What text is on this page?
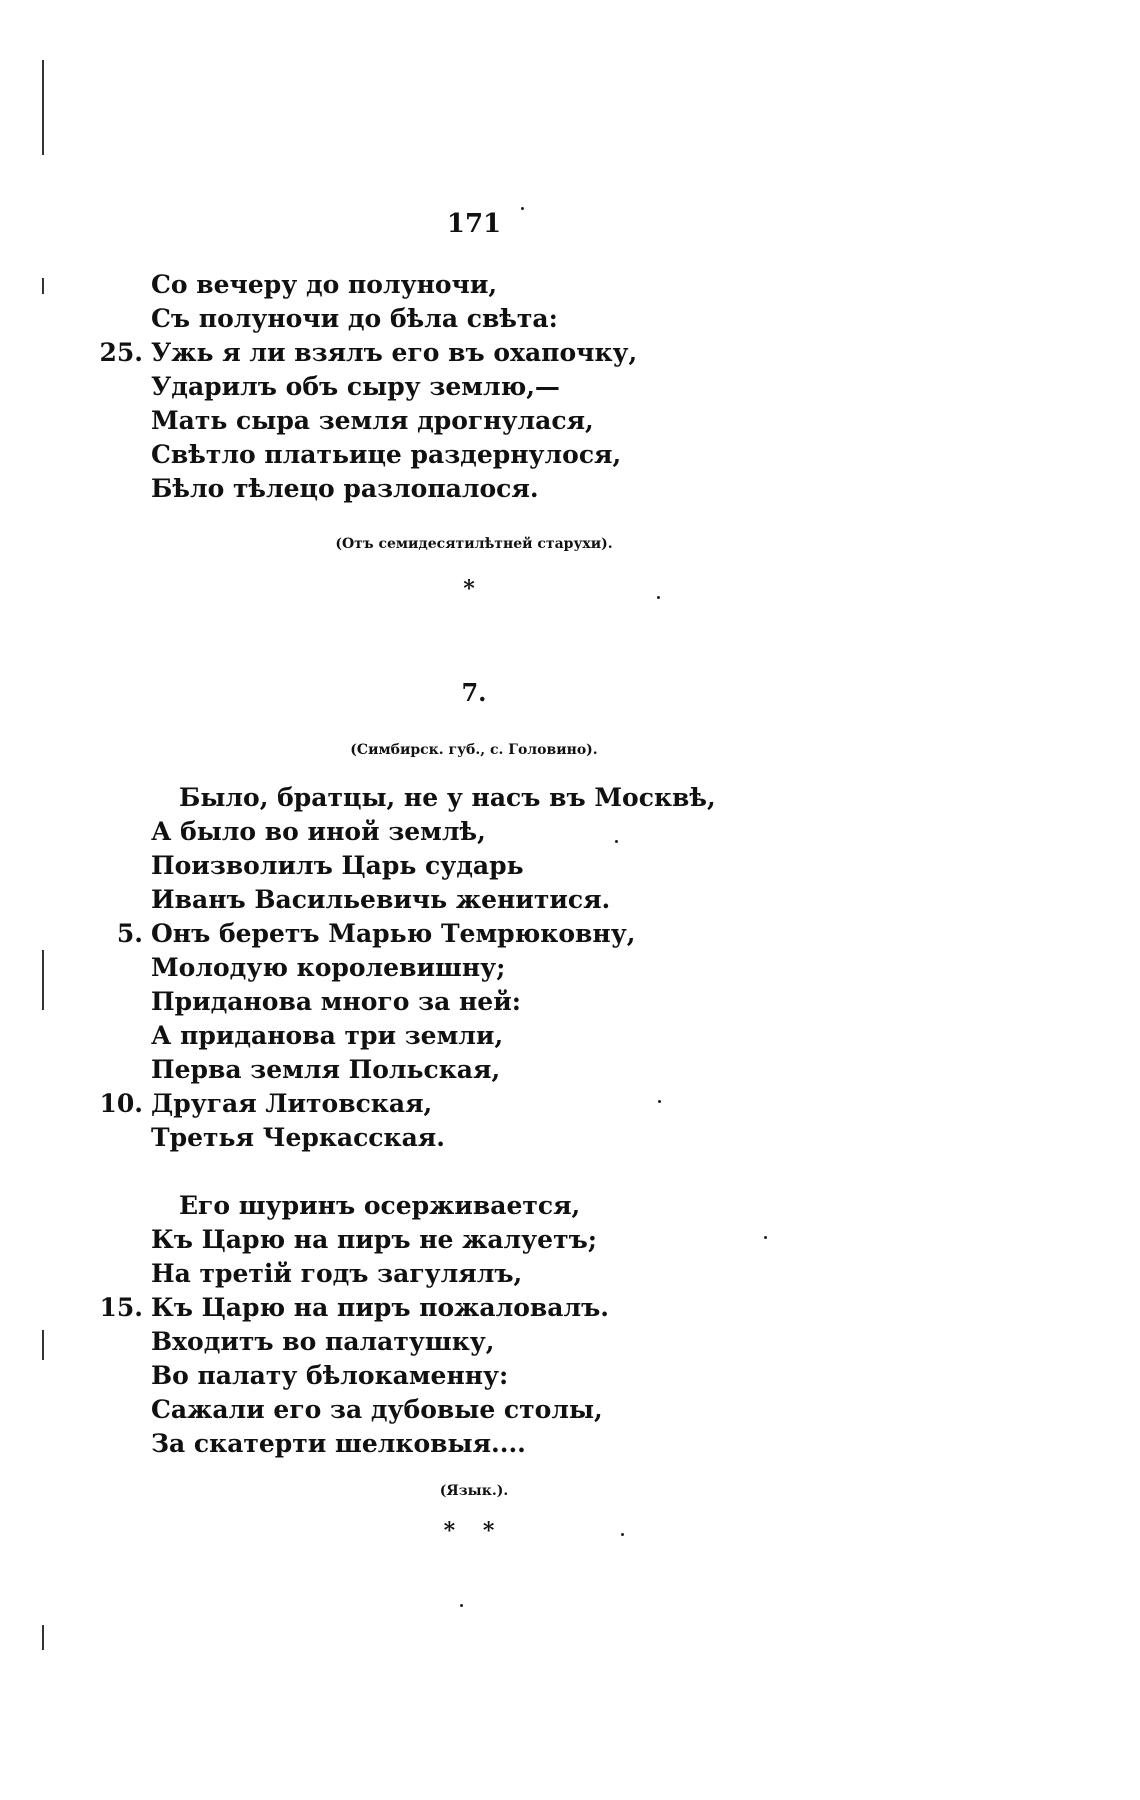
171
Со вечеру до полуночи,
Съ полуночи до бѣла свѣта:
25. Ужь я ли взялъ его въ охапочку,
Ударилъ объ сыру землю,—
Мать сыра земля дрогнулася,
Свѣтло платьице раздернулося,
Бѣло тѣлецо разлопалося.
(Отъ семидесятилѣтней старухи).
*
7.
(Симбирск. губ., с. Головино).
Было, братцы, не у насъ въ Москвѣ,
А было во иной землѣ,
Поизволилъ Царь сударь
Иванъ Васильевичь женитися.
5. Онъ беретъ Марью Темрюковну,
Молодую королевишну;
Приданова много за ней:
А приданова три земли,
Перва земля Польская,
10. Другая Литовская,
Третья Черкасская.
Его шуринъ осерживается,
Къ Царю на пиръ не жалуетъ;
На третій годъ загулялъ,
15. Къ Царю на пиръ пожаловалъ.
Входитъ во палатушку,
Во палату бѣлокаменну:
Сажали его за дубовые столы,
За скатерти шелковыя....
(Язык.).
* *
